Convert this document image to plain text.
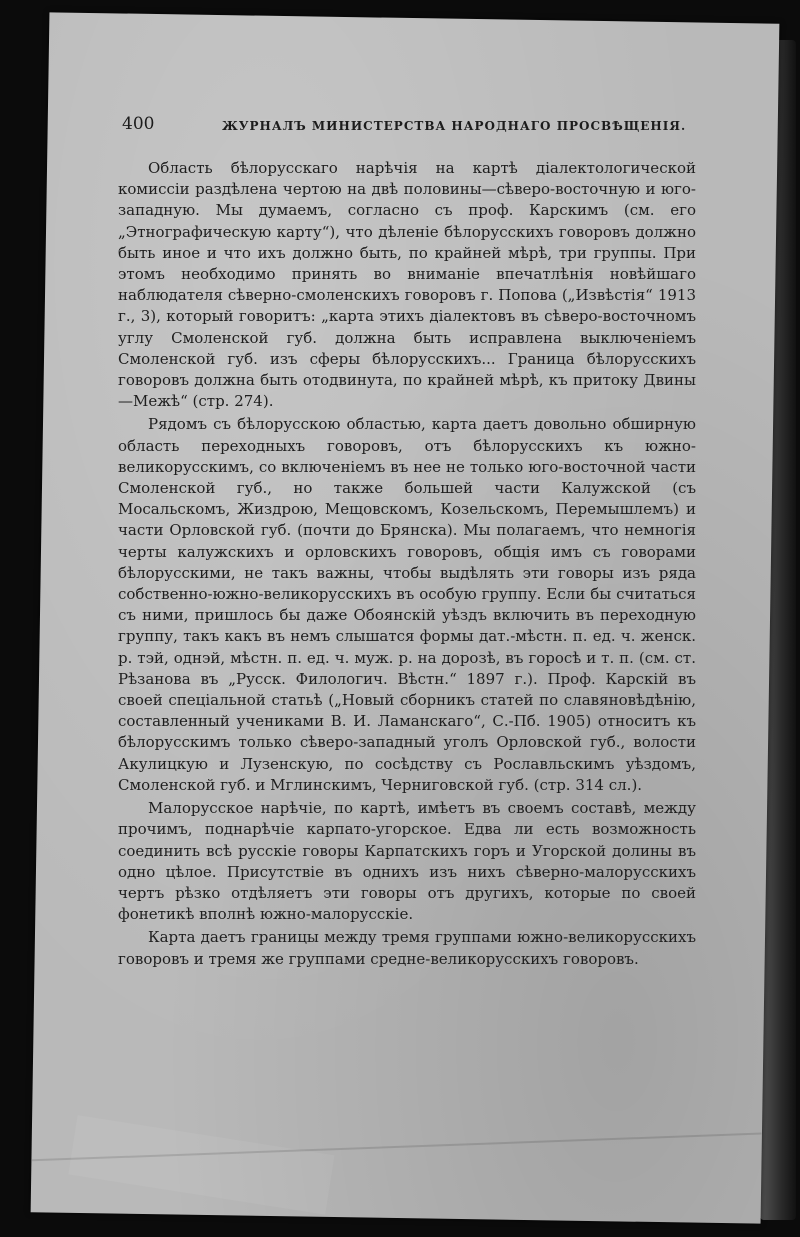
400	ЖУРНАЛЪ МИНИСТЕРСТВА НАРОДНАГО ПРОСВѢЩЕНІЯ.

Область бѣлорусскаго нарѣчія на картѣ діалектологической комиссіи раздѣлена чертою на двѣ половины—сѣверо-восточную и юго-западную. Мы думаемъ, согласно съ проф. Карскимъ (см. его „Этнографическую карту“), что дѣленіе бѣлорусскихъ говоровъ должно быть иное и что ихъ должно быть, по крайней мѣрѣ, три группы. При этомъ необходимо принять во вниманіе впечатлѣнія новѣйшаго наблюдателя сѣверно-смоленскихъ говоровъ г. Попова („Извѣстія“ 1913 г., 3), который говоритъ: „карта этихъ діалектовъ въ сѣверо-восточномъ углу Смоленской губ. должна быть исправлена выключеніемъ Смоленской губ. изъ сферы бѣлорусскихъ... Граница бѣлорусскихъ говоровъ должна быть отодвинута, по крайней мѣрѣ, къ притоку Двины—Межѣ“ (стр. 274).

Рядомъ съ бѣлорусскою областью, карта даетъ довольно обширную область переходныхъ говоровъ, отъ бѣлорусскихъ къ южно-великорусскимъ, со включеніемъ въ нее не только юго-восточной части Смоленской губ., но также большей части Калужской (съ Мосальскомъ, Жиздрою, Мещовскомъ, Козельскомъ, Перемышлемъ) и части Орловской губ. (почти до Брянска). Мы полагаемъ, что немногія черты калужскихъ и орловскихъ говоровъ, общія имъ съ говорами бѣлорусскими, не такъ важны, чтобы выдѣлять эти говоры изъ ряда собственно-южно-великорусскихъ въ особую группу. Если бы считаться съ ними, пришлось бы даже Обоянскій уѣздъ включить въ переходную группу, такъ какъ въ немъ слышатся формы дат.-мѣстн. п. ед. ч. женск. р. тэй, однэй, мѣстн. п. ед. ч. муж. р. на дорозѣ, въ горосѣ и т. п. (см. ст. Рѣзанова въ „Русск. Филологич. Вѣстн.“ 1897 г.). Проф. Карскій въ своей спеціальной статьѣ („Новый сборникъ статей по славяновѣдѣнію, составленный учениками В. И. Ламанскаго“, С.-Пб. 1905) относитъ къ бѣлорусскимъ только сѣверо-западный уголъ Орловской губ., волости Акулицкую и Лузенскую, по сосѣдству съ Рославльскимъ уѣздомъ, Смоленской губ. и Мглинскимъ, Черниговской губ. (стр. 314 сл.).

Малорусское нарѣчіе, по картѣ, имѣетъ въ своемъ составѣ, между прочимъ, поднарѣчіе карпато-угорское. Едва ли есть возможность соединить всѣ русскіе говоры Карпатскихъ горъ и Угорской долины въ одно цѣлое. Присутствіе въ однихъ изъ нихъ сѣверно-малорусскихъ чертъ рѣзко отдѣляетъ эти говоры отъ другихъ, которые по своей фонетикѣ вполнѣ южно-малорусскіе.

Карта даетъ границы между тремя группами южно-великорусскихъ говоровъ и тремя же группами средне-великорусскихъ говоровъ.
